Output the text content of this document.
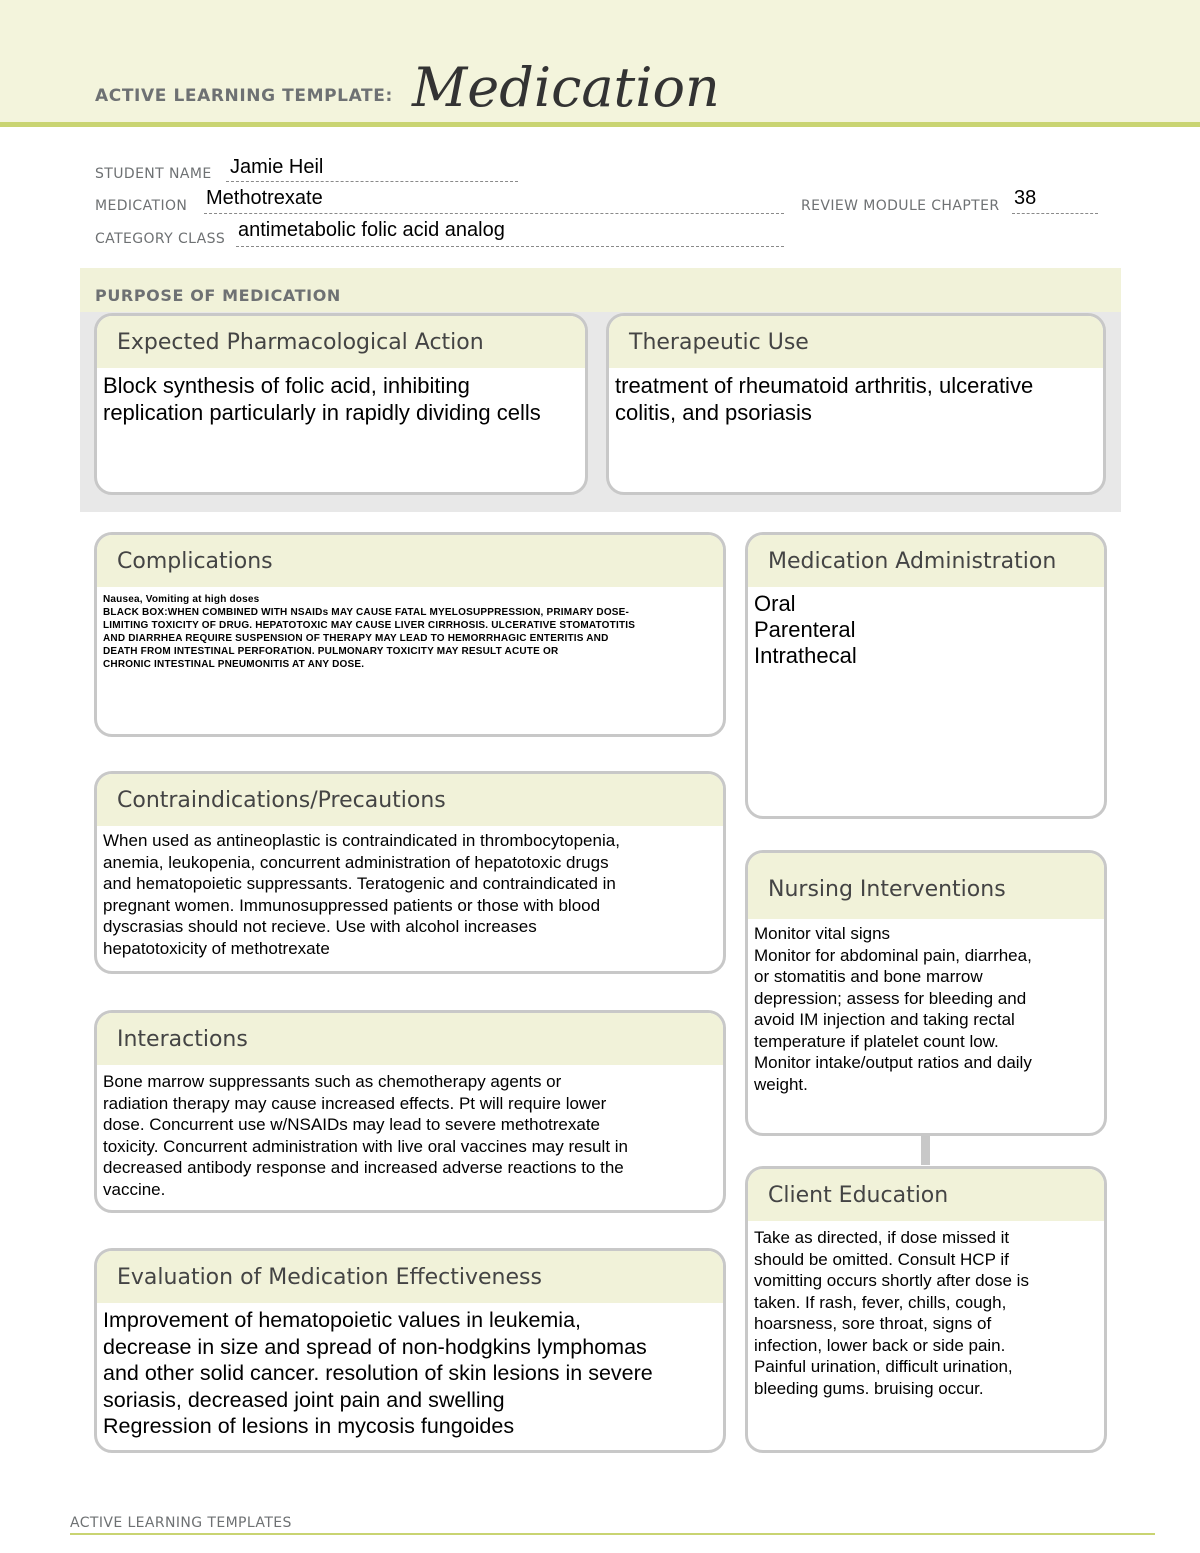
ACTIVE LEARNING TEMPLATE: Medication
STUDENT NAME Jamie Heil
MEDICATION Methotrexate	REVIEW MODULE CHAPTER 38
CATEGORY CLASS antimetabolic folic acid analog
PURPOSE OF MEDICATION
Expected Pharmacological Action
Block synthesis of folic acid, inhibiting
replication particularly in rapidly dividing cells
Therapeutic Use
treatment of rheumatoid arthritis, ulcerative
colitis, and psoriasis
Complications
Nausea, Vomiting at high doses
BLACK BOX:WHEN COMBINED WITH NSAIDs MAY CAUSE FATAL MYELOSUPPRESSION, PRIMARY DOSE-
LIMITING TOXICITY OF DRUG. HEPATOTOXIC MAY CAUSE LIVER CIRRHOSIS. ULCERATIVE STOMATOTITIS
AND DIARRHEA REQUIRE SUSPENSION OF THERAPY MAY LEAD TO HEMORRHAGIC ENTERITIS AND
DEATH FROM INTESTINAL PERFORATION. PULMONARY TOXICITY MAY RESULT ACUTE OR
CHRONIC INTESTINAL PNEUMONITIS AT ANY DOSE.
Medication Administration
Oral
Parenteral
Intrathecal
Contraindications/Precautions
When used as antineoplastic is contraindicated in thrombocytopenia,
anemia, leukopenia, concurrent administration of hepatotoxic drugs
and hematopoietic suppressants. Teratogenic and contraindicated in
pregnant women. Immunosuppressed patients or those with blood
dyscrasias should not recieve. Use with alcohol increases
hepatotoxicity of methotrexate
Nursing Interventions
Monitor vital signs
Monitor for abdominal pain, diarrhea,
or stomatitis and bone marrow
depression; assess for bleeding and
avoid IM injection and taking rectal
temperature if platelet count low.
Monitor intake/output ratios and daily
weight.
Interactions
Bone marrow suppressants such as chemotherapy agents or
radiation therapy may cause increased effects. Pt will require lower
dose. Concurrent use w/NSAIDs may lead to severe methotrexate
toxicity. Concurrent administration with live oral vaccines may result in
decreased antibody response and increased adverse reactions to the
vaccine.	Client Education
Take as directed, if dose missed it
should be omitted. Consult HCP if
vomitting occurs shortly after dose is
taken. If rash, fever, chills, cough,
hoarsness, sore throat, signs of
infection, lower back or side pain.
Painful urination, difficult urination,
bleeding gums. bruising occur.
Evaluation of Medication Effectiveness
Improvement of hematopoietic values in leukemia,
decrease in size and spread of non-hodgkins lymphomas
and other solid cancer. resolution of skin lesions in severe
soriasis, decreased joint pain and swelling
Regression of lesions in mycosis fungoides
ACTIVE LEARNING TEMPLATES
